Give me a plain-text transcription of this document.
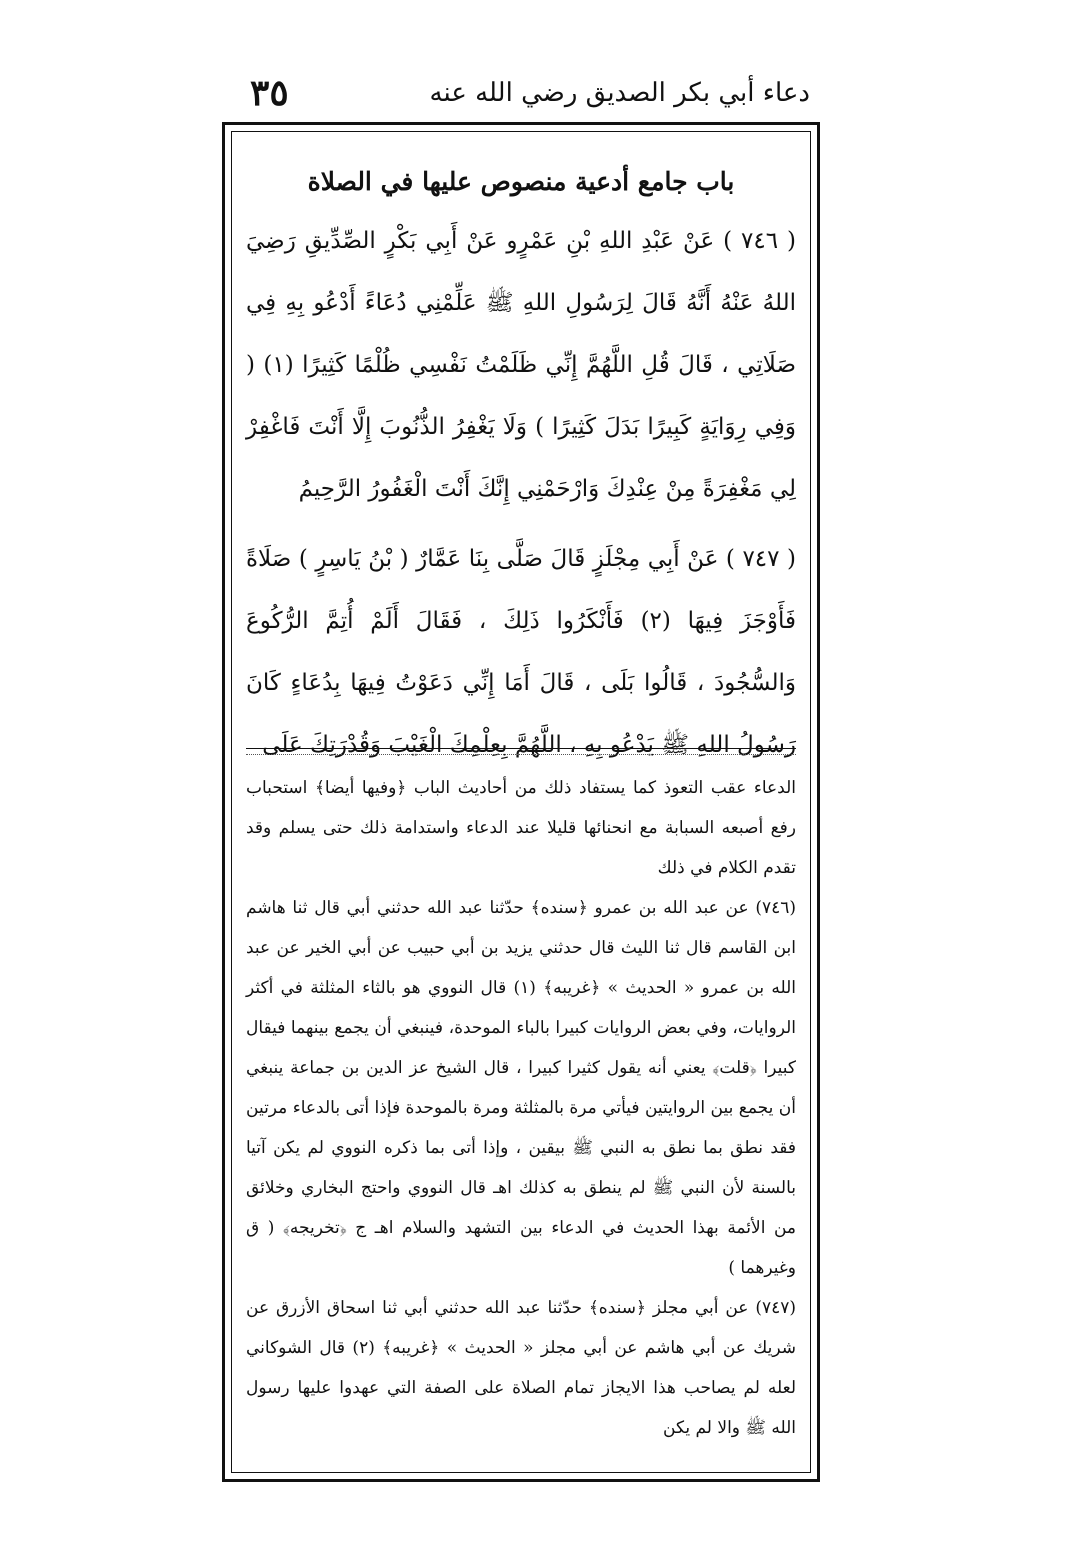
دعاء أبي بكر الصديق رضي الله عنه
٣٥
باب جامع أدعية منصوص عليها في الصلاة
( ٧٤٦ ) عَنْ عَبْدِ اللهِ بْنِ عَمْرٍو عَنْ أَبِي بَكْرٍ الصِّدِّيقِ رَضِيَ اللهُ عَنْهُ أَنَّهُ قَالَ لِرَسُولِ اللهِ ﷺ عَلِّمْنِي دُعَاءً أَدْعُو بِهِ فِي صَلَاتِي ، قَالَ قُلِ اللَّهُمَّ إِنِّي ظَلَمْتُ نَفْسِي ظُلْمًا كَثِيرًا (١) ( وَفِي رِوَايَةٍ كَبِيرًا بَدَلَ كَثِيرًا ) وَلَا يَغْفِرُ الذُّنُوبَ إِلَّا أَنْتَ فَاغْفِرْ لِي مَغْفِرَةً مِنْ عِنْدِكَ وَارْحَمْنِي إِنَّكَ أَنْتَ الْغَفُورُ الرَّحِيمُ
( ٧٤٧ ) عَنْ أَبِي مِجْلَزٍ قَالَ صَلَّى بِنَا عَمَّارٌ ( بْنُ يَاسِرٍ ) صَلَاةً فَأَوْجَزَ فِيهَا (٢) فَأَنْكَرُوا ذَلِكَ ، فَقَالَ أَلَمْ أُتِمَّ الرُّكُوعَ وَالسُّجُودَ ، قَالُوا بَلَى ، قَالَ أَمَا إِنِّي دَعَوْتُ فِيهَا بِدُعَاءٍ كَانَ رَسُولُ اللهِ ﷺ يَدْعُو بِهِ ، اللَّهُمَّ بِعِلْمِكَ الْغَيْبَ وَقُدْرَتِكَ عَلَى

الدعاء عقب التعوذ كما يستفاد ذلك من أحاديث الباب ﴿وفيها أيضا﴾ استحباب رفع أصبعه السبابة مع انحنائها قليلا عند الدعاء واستدامة ذلك حتى يسلم وقد تقدم الكلام في ذلك

(٧٤٦) عن عبد الله بن عمرو ﴿سنده﴾ حدّثنا عبد الله حدثني أبي قال ثنا هاشم ابن القاسم قال ثنا الليث قال حدثني يزيد بن أبي حبيب عن أبي الخير عن عبد الله بن عمرو « الحديث » ﴿غريبه﴾ (١) قال النووي هو بالثاء المثلثة في أكثر الروايات، وفي بعض الروايات كبيرا بالباء الموحدة، فينبغي أن يجمع بينهما فيقال كبيرا ﴿قلت﴾ يعني أنه يقول كثيرا كبيرا ، قال الشيخ عز الدين بن جماعة ينبغي أن يجمع بين الروايتين فيأتي مرة بالمثلثة ومرة بالموحدة فإذا أتى بالدعاء مرتين فقد نطق بما نطق به النبي ﷺ بيقين ، وإذا أتى بما ذكره النووي لم يكن آتيا بالسنة لأن النبي ﷺ لم ينطق به كذلك اهـ قال النووي واحتج البخاري وخلائق من الأئمة بهذا الحديث في الدعاء بين التشهد والسلام اهـ ج ﴿تخريجه﴾ ( ق وغيرهما )

(٧٤٧) عن أبي مجلز ﴿سنده﴾ حدّثنا عبد الله حدثني أبي ثنا اسحاق الأزرق عن شريك عن أبي هاشم عن أبي مجلز « الحديث » ﴿غريبه﴾ (٢) قال الشوكاني لعله لم يصاحب هذا الايجاز تمام الصلاة على الصفة التي عهدوا عليها رسول الله ﷺ والا لم يكن
